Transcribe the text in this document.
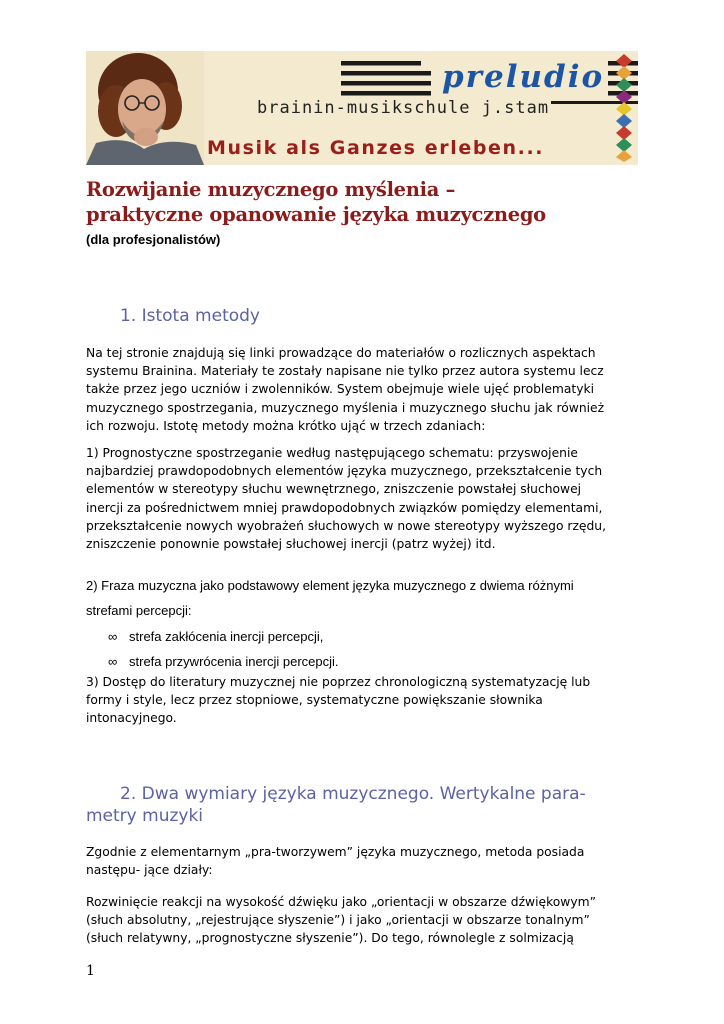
preludio
brainin-musikschule j.stam
Musik als Ganzes erleben...
Rozwijanie muzycznego myślenia –
praktyczne opanowanie języka muzycznego
(dla profesjonalistów)
1. Istota metody

Na tej stronie znajdują się linki prowadzące do materiałów o rozlicznych aspektach
systemu Brainina. Materiały te zostały napisane nie tylko przez autora systemu lecz
także przez jego uczniów i zwolenników. System obejmuje wiele ujęć problematyki
muzycznego spostrzegania, muzycznego myślenia i muzycznego słuchu jak również
ich rozwoju. Istotę metody można krótko ująć w trzech zdaniach:

1) Prognostyczne spostrzeganie według następującego schematu: przyswojenie
najbardziej prawdopodobnych elementów języka muzycznego, przekształcenie tych
elementów w stereotypy słuchu wewnętrznego, zniszczenie powstałej słuchowej
inercji za pośrednictwem mniej prawdopodobnych związków pomiędzy elementami,
przekształcenie nowych wyobrażeń słuchowych w nowe stereotypy wyższego rzędu,
zniszczenie ponownie powstałej słuchowej inercji (patrz wyżej) itd.

2) Fraza muzyczna jako podstawowy element języka muzycznego z dwiema różnymi

strefami percepcji:

∞ strefa zakłócenia inercji percepcji,
∞ strefa przywrócenia inercji percepcji.

3) Dostęp do literatury muzycznej nie poprzez chronologiczną systematyzację lub
formy i style, lecz przez stopniowe, systematyczne powiększanie słownika
intonacyjnego.

2. Dwa wymiary języka muzycznego. Wertykalne para-
metry muzyki

Zgodnie z elementarnym „pra-tworzywem” języka muzycznego, metoda posiada
następu- jące działy:

Rozwinięcie reakcji na wysokość dźwięku jako „orientacji w obszarze dźwiękowym”
(słuch absolutny, „rejestrujące słyszenie”) i jako „orientacji w obszarze tonalnym”
(słuch relatywny, „prognostyczne słyszenie”). Do tego, równolegle z solmizacją

1
